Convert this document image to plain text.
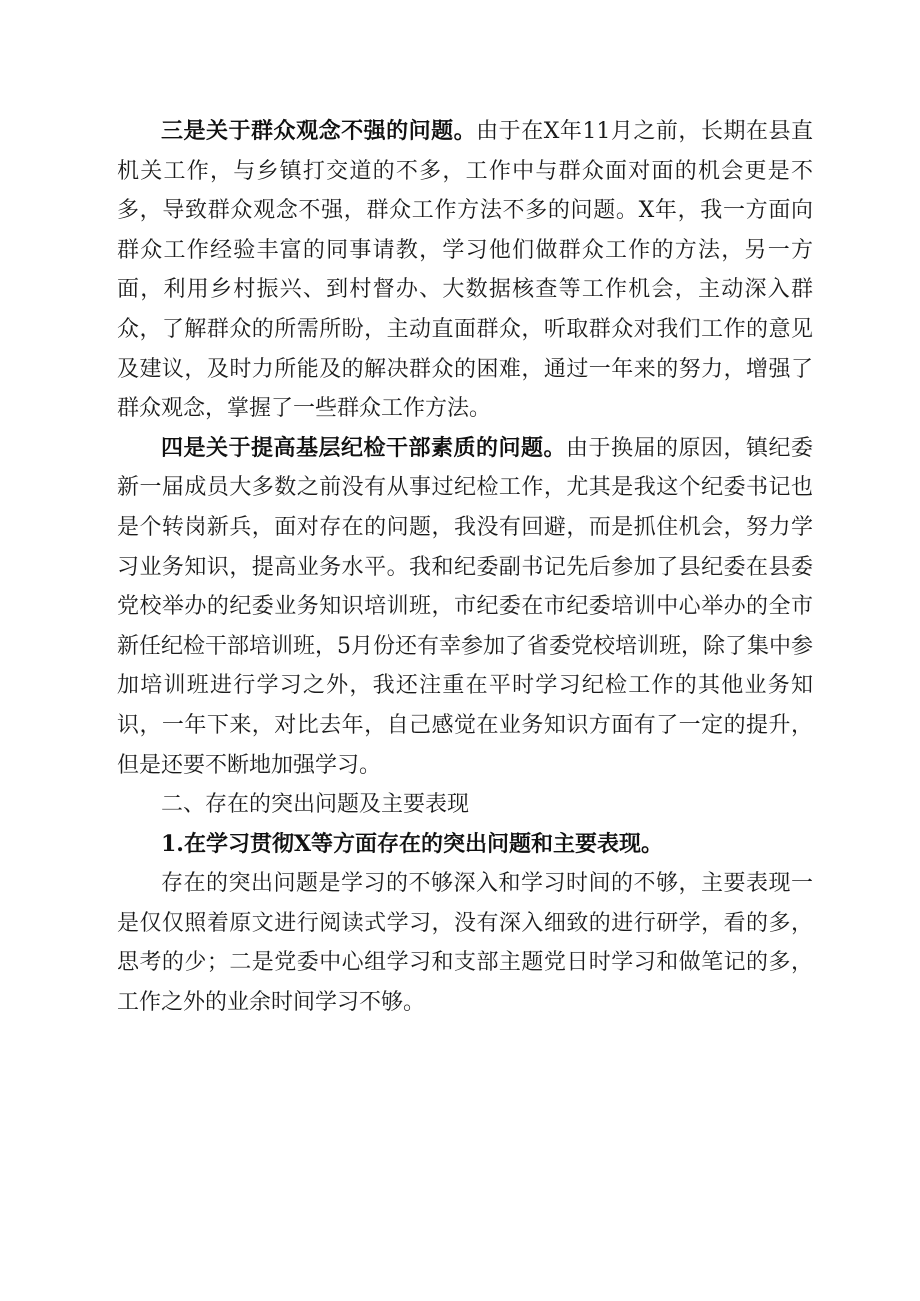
三是关于群众观念不强的问题。由于在X年11月之前，长期在县直机关工作，与乡镇打交道的不多，工作中与群众面对面的机会更是不多，导致群众观念不强，群众工作方法不多的问题。X年，我一方面向群众工作经验丰富的同事请教，学习他们做群众工作的方法，另一方面，利用乡村振兴、到村督办、大数据核查等工作机会，主动深入群众，了解群众的所需所盼，主动直面群众，听取群众对我们工作的意见及建议，及时力所能及的解决群众的困难，通过一年来的努力，增强了群众观念，掌握了一些群众工作方法。

四是关于提高基层纪检干部素质的问题。由于换届的原因，镇纪委新一届成员大多数之前没有从事过纪检工作，尤其是我这个纪委书记也是个转岗新兵，面对存在的问题，我没有回避，而是抓住机会，努力学习业务知识，提高业务水平。我和纪委副书记先后参加了县纪委在县委党校举办的纪委业务知识培训班，市纪委在市纪委培训中心举办的全市新任纪检干部培训班，5月份还有幸参加了省委党校培训班，除了集中参加培训班进行学习之外，我还注重在平时学习纪检工作的其他业务知识，一年下来，对比去年，自己感觉在业务知识方面有了一定的提升，但是还要不断地加强学习。

二、存在的突出问题及主要表现

1.在学习贯彻X等方面存在的突出问题和主要表现。

存在的突出问题是学习的不够深入和学习时间的不够，主要表现一是仅仅照着原文进行阅读式学习，没有深入细致的进行研学，看的多，思考的少；二是党委中心组学习和支部主题党日时学习和做笔记的多，工作之外的业余时间学习不够。
